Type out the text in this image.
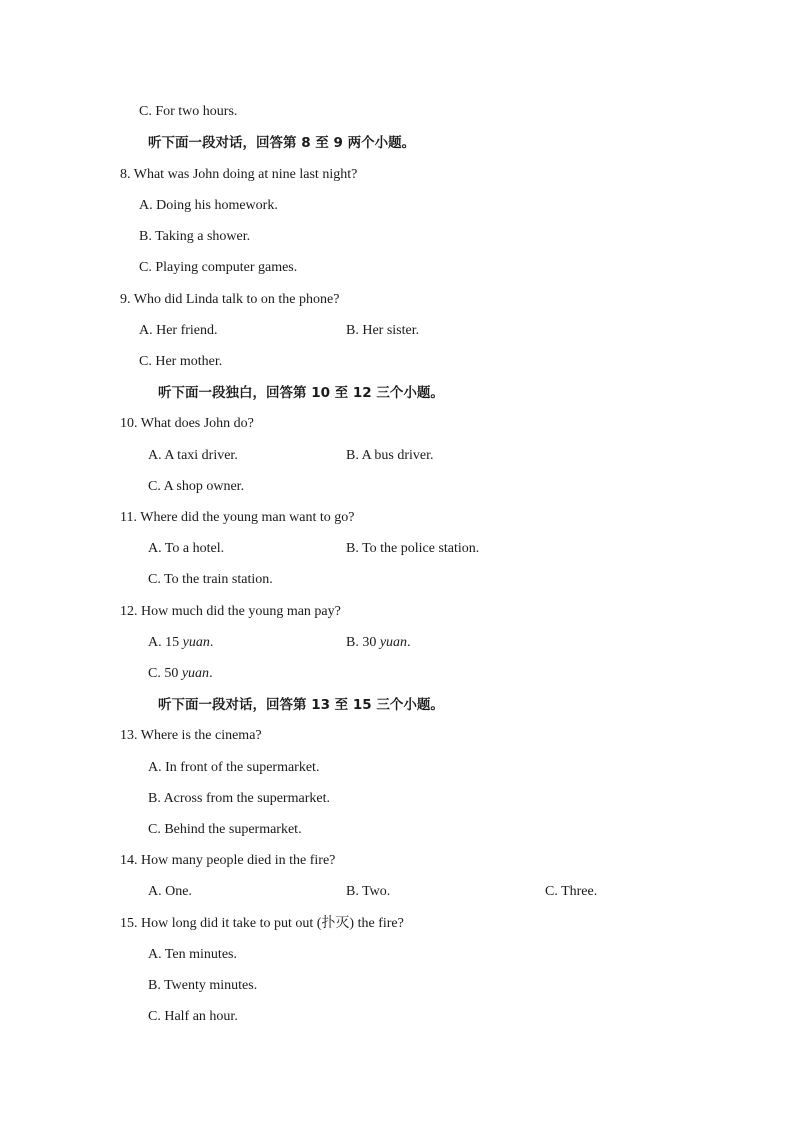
C. For two hours.
听下面一段对话，回答第 8 至 9 两个小题。
8. What was John doing at nine last night?
A. Doing his homework.
B. Taking a shower.
C. Playing computer games.
9. Who did Linda talk to on the phone?
A. Her friend.	B. Her sister.
C. Her mother.
听下面一段独白，回答第 10 至 12 三个小题。
10. What does John do?
A. A taxi driver.	B. A bus driver.
C. A shop owner.
11. Where did the young man want to go?
A. To a hotel.	B. To the police station.
C. To the train station.
12. How much did the young man pay?
A. 15 yuan.	B. 30 yuan.
C. 50 yuan.
听下面一段对话，回答第 13 至 15 三个小题。
13. Where is the cinema?
A. In front of the supermarket.
B. Across from the supermarket.
C. Behind the supermarket.
14. How many people died in the fire?
A. One.	B. Two.	C. Three.
15. How long did it take to put out (扑灭) the fire?
A. Ten minutes.
B. Twenty minutes.
C. Half an hour.
